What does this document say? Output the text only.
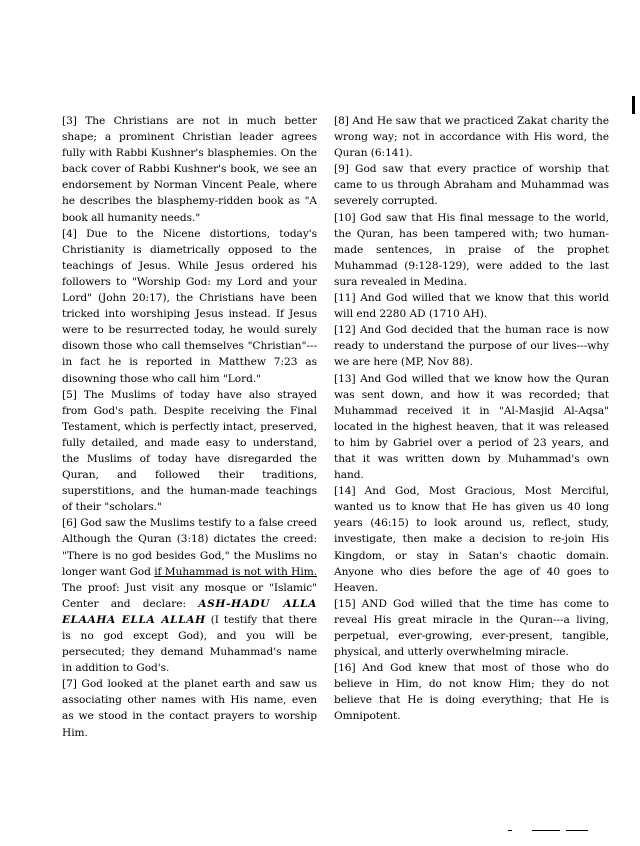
[3] The Christians are not in much better shape; a prominent Christian leader agrees fully with Rabbi Kushner's blasphemies. On the back cover of Rabbi Kushner's book, we see an endorsement by Norman Vincent Peale, where he describes the blasphemy-ridden book as "A book all humanity needs."

[4] Due to the Nicene distortions, today's Christianity is diametrically opposed to the teachings of Jesus. While Jesus ordered his followers to "Worship God: my Lord and your Lord" (John 20:17), the Christians have been tricked into worshiping Jesus instead. If Jesus were to be resurrected today, he would surely disown those who call themselves "Christian"---in fact he is reported in Matthew 7:23 as disowning those who call him "Lord."

[5] The Muslims of today have also strayed from God's path. Despite receiving the Final Testament, which is perfectly intact, preserved, fully detailed, and made easy to understand, the Muslims of today have disregarded the Quran, and followed their traditions, superstitions, and the human-made teachings of their "scholars."

[6] God saw the Muslims testify to a false creed Although the Quran (3:18) dictates the creed: "There is no god besides God," the Muslims no longer want God if Muhammad is not with Him. The proof: Just visit any mosque or "Islamic" Center and declare: ASH-HADU ALLA ELAAHA ELLA ALLAH (I testify that there is no god except God), and you will be persecuted; they demand Muhammad's name in addition to God's.

[7] God looked at the planet earth and saw us associating other names with His name, even as we stood in the contact prayers to worship Him.

[8] And He saw that we practiced Zakat charity the wrong way; not in accordance with His word, the Quran (6:141).

[9] God saw that every practice of worship that came to us through Abraham and Muhammad was severely corrupted.

[10] God saw that His final message to the world, the Quran, has been tampered with; two human-made sentences, in praise of the prophet Muhammad (9:128-129), were added to the last sura revealed in Medina.

[11] And God willed that we know that this world will end 2280 AD (1710 AH).

[12] And God decided that the human race is now ready to understand the purpose of our lives---why we are here (MP, Nov 88).

[13] And God willed that we know how the Quran was sent down, and how it was recorded; that Muhammad received it in "Al-Masjid Al-Aqsa" located in the highest heaven, that it was released to him by Gabriel over a period of 23 years, and that it was written down by Muhammad's own hand.

[14] And God, Most Gracious, Most Merciful, wanted us to know that He has given us 40 long years (46:15) to look around us, reflect, study, investigate, then make a decision to re-join His Kingdom, or stay in Satan's chaotic domain. Anyone who dies before the age of 40 goes to Heaven.

[15] AND God willed that the time has come to reveal His great miracle in the Quran---a living, perpetual, ever-growing, ever-present, tangible, physical, and utterly overwhelming miracle.

[16] And God knew that most of those who do believe in Him, do not know Him; they do not believe that He is doing everything; that He is Omnipotent.
